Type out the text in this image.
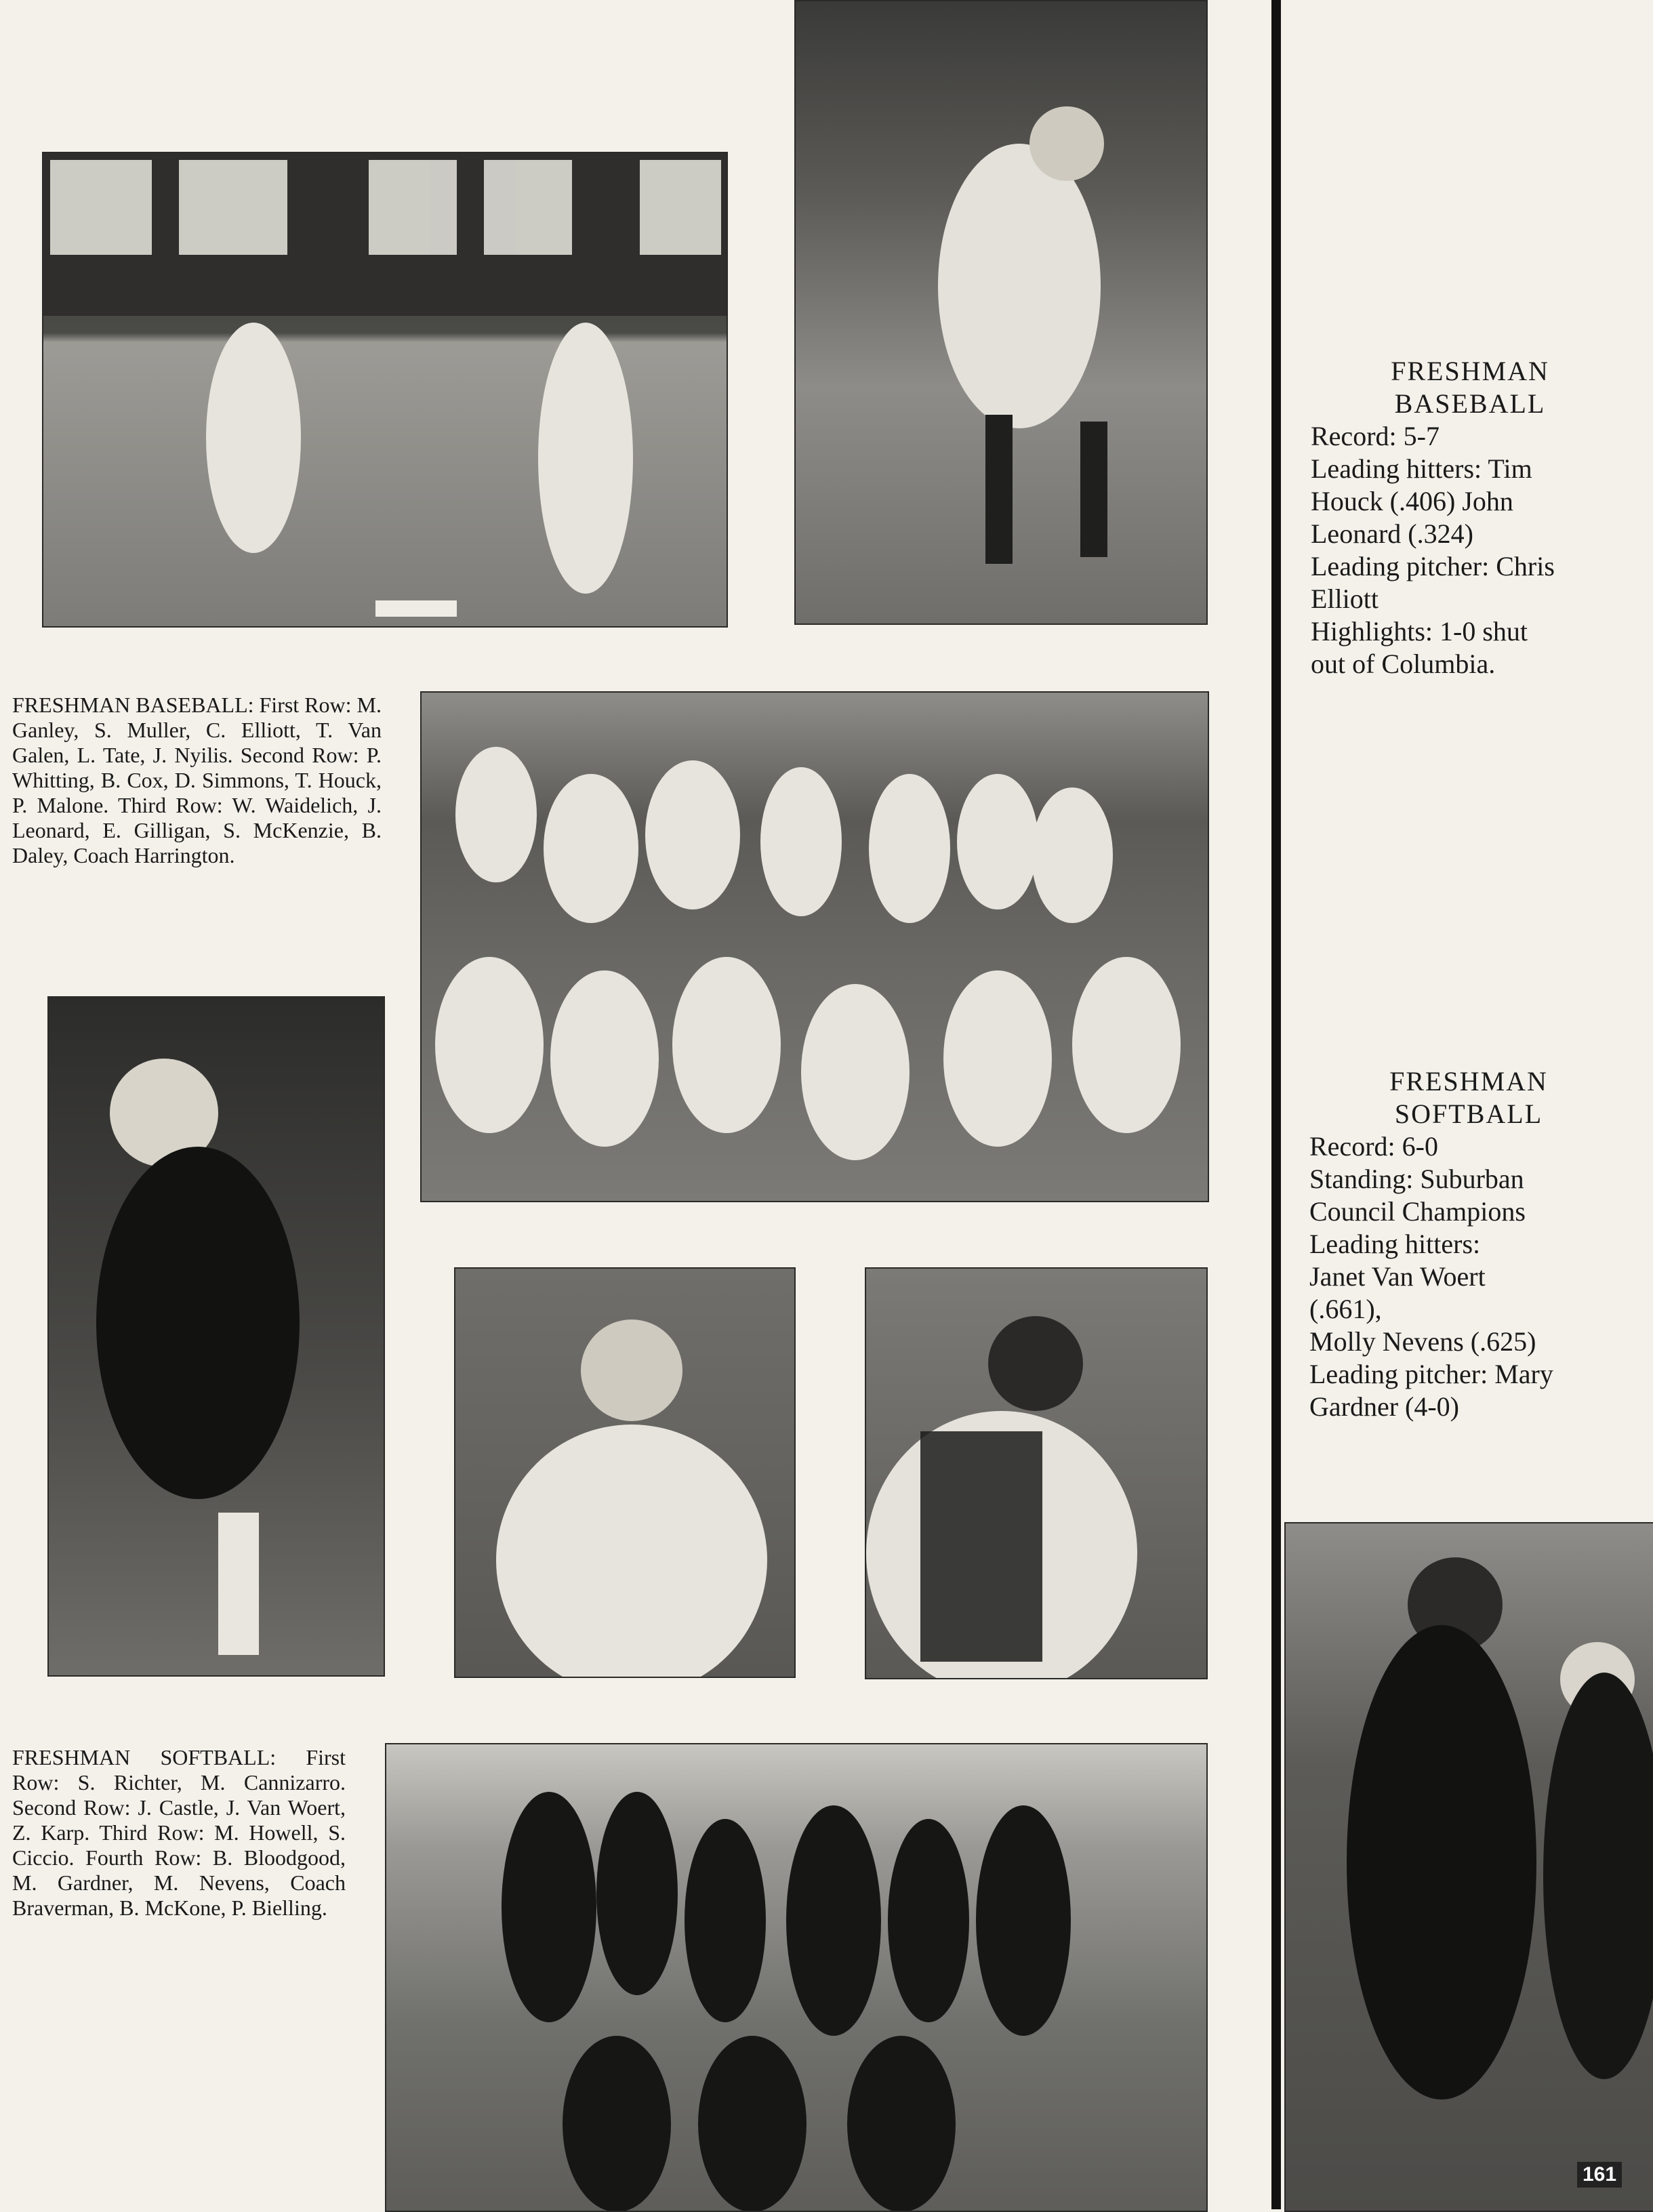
FRESHMAN BASEBALL: First Row: M. Ganley, S. Muller, C. Elliott, T. Van Galen, L. Tate, J. Nyilis. Second Row: P. Whitting, B. Cox, D. Simmons, T. Houck, P. Malone. Third Row: W. Waidelich, J. Leonard, E. Gilligan, S. McKenzie, B. Daley, Coach Harrington.
FRESHMAN SOFTBALL: First Row: S. Richter, M. Cannizarro. Second Row: J. Castle, J. Van Woert, Z. Karp. Third Row: M. Howell, S. Ciccio. Fourth Row: B. Bloodgood, M. Gardner, M. Nevens, Coach Braverman, B. McKone, P. Bielling.
FRESHMAN
BASEBALL
Record: 5-7
Leading hitters: Tim
Houck (.406) John
Leonard (.324)
Leading pitcher: Chris
Elliott
Highlights: 1-0 shut
out of Columbia.
FRESHMAN
SOFTBALL
Record: 6-0
Standing: Suburban
Council Champions
Leading hitters:
Janet Van Woert
(.661),
Molly Nevens (.625)
Leading pitcher: Mary
Gardner (4-0)
161
